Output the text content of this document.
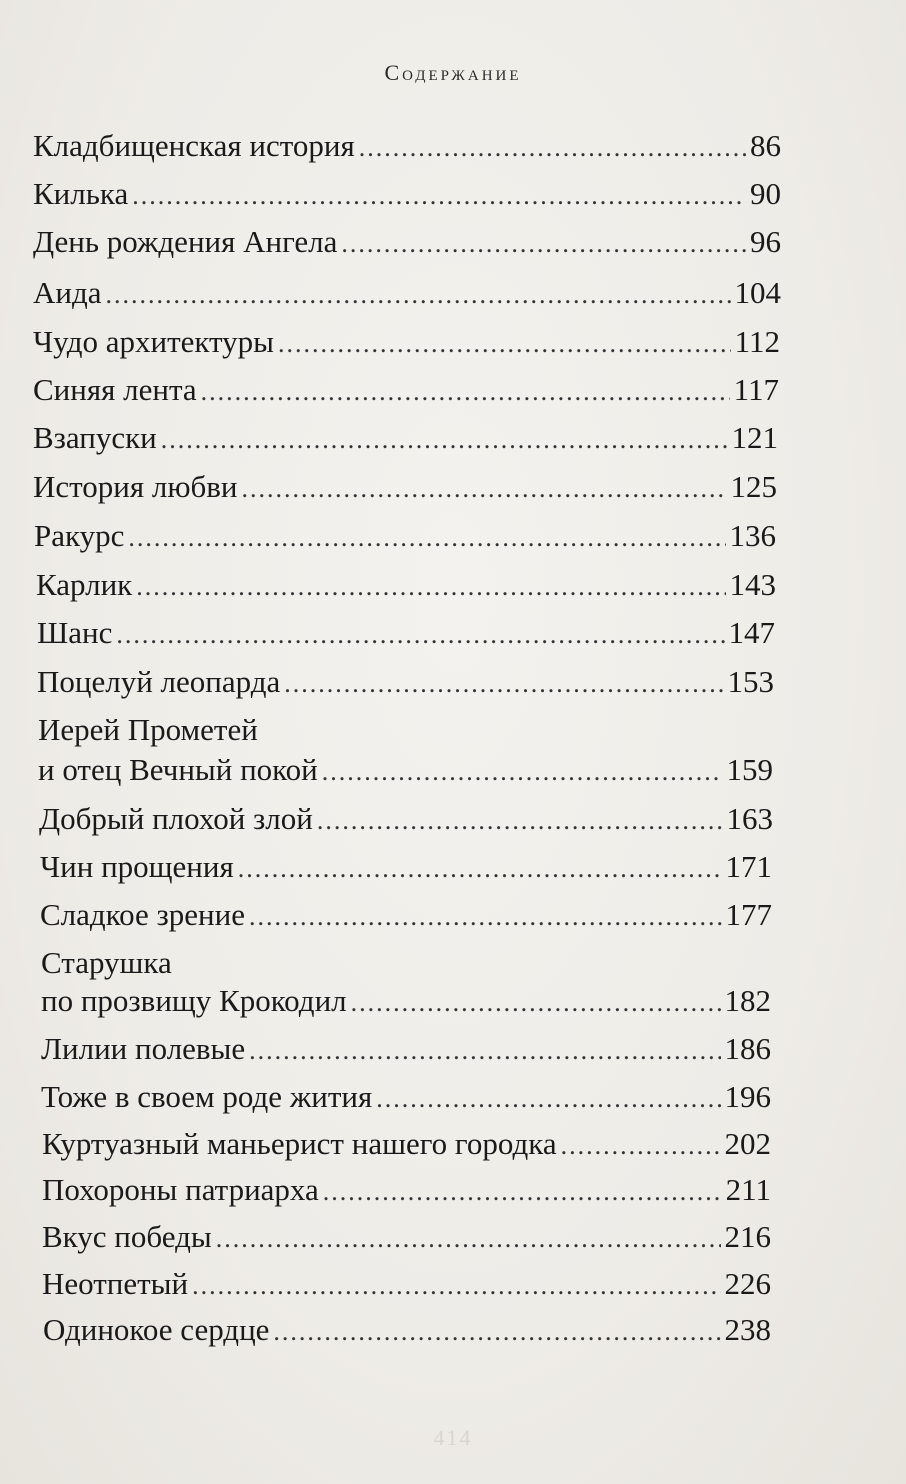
Содержание
Кладбищенская история .....	86
Килька .....	90
День рождения Ангела .....	96
Аида .....	104
Чудо архитектуры .....	112
Синяя лента .....	117
Взапуски .....	121
История любви .....	125
Ракурс .....	136
Карлик .....	143
Шанс .....	147
Поцелуй леопарда .....	153
Иерей Прометей
и отец Вечный покой .....	159
Добрый плохой злой .....	163
Чин прощения .....	171
Сладкое зрение .....	177
Старушка
по прозвищу Крокодил .....	182
Лилии полевые .....	186
Тоже в своем роде жития .....	196
Куртуазный маньерист нашего городка .....	202
Похороны патриарха .....	211
Вкус победы .....	216
Неотпетый .....	226
Одинокое сердце .....	238
414
